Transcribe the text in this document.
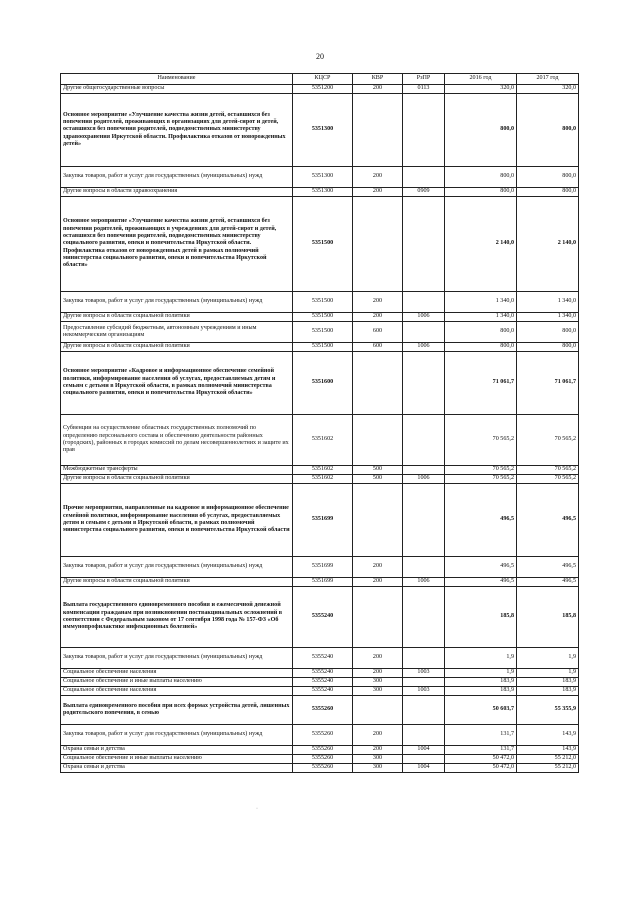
20
Наименование	КЦСР	КВР	РзПР	2016 год	2017 год
Другие общегосударственные вопросы	5351200	200	0113	320,0	320,0
Основное мероприятие «Улучшение качества жизни детей, оставшихся без попечения родителей, проживающих в организациях для детей-сирот и детей, оставшихся без попечения родителей, подведомственных министерству здравоохранения Иркутской области. Профилактика отказов от новорожденных детей»	5351300			800,0	800,0
Закупка товаров, работ и услуг для государственных (муниципальных) нужд	5351300	200		800,0	800,0
Другие вопросы в области здравоохранения	5351300	200	0909	800,0	800,0
Основное мероприятие «Улучшение качества жизни детей, оставшихся без попечения родителей, проживающих в учреждениях для детей-сирот и детей, оставшихся без попечения родителей, подведомственных министерству социального развития, опеки и попечительства Иркутской области. Профилактика отказов от новорожденных детей в рамках полномочий министерства социального развития, опеки и попечительства Иркутской области»	5351500			2 140,0	2 140,0
Закупка товаров, работ и услуг для государственных (муниципальных) нужд	5351500	200		1 340,0	1 340,0
Другие вопросы в области социальной политики	5351500	200	1006	1 340,0	1 340,0
Предоставление субсидий бюджетным, автономным учреждениям и иным некоммерческим организациям	5351500	600		800,0	800,0
Другие вопросы в области социальной политики	5351500	600	1006	800,0	800,0
Основное мероприятие «Кадровое и информационное обеспечение семейной политики, информирование населения об услугах, предоставляемых детям и семьям с детьми в Иркутской области, в рамках полномочий министерства социального развития, опеки и попечительства Иркутской области»	5351600			71 061,7	71 061,7
Субвенции на осуществление областных государственных полномочий по определению персонального состава и обеспечению деятельности районных (городских), районных в городах комиссий по делам несовершеннолетних и защите их прав	5351602			70 565,2	70 565,2
Межбюджетные трансферты	5351602	500		70 565,2	70 565,2
Другие вопросы в области социальной политики	5351602	500	1006	70 565,2	70 565,2
Прочие мероприятия, направленные на кадровое и информационное обеспечение семейной политики, информирование населения об услугах, предоставляемых детям и семьям с детьми в Иркутской области, в рамках полномочий министерства социального развития, опеки и попечительства Иркутской области	5351699			496,5	496,5
Закупка товаров, работ и услуг для государственных (муниципальных) нужд	5351699	200		496,5	496,5
Другие вопросы в области социальной политики	5351699	200	1006	496,5	496,5
Выплата государственного единовременного пособия и ежемесячной денежной компенсации гражданам при возникновении поствакцинальных осложнений в соответствии с Федеральным законом от 17 сентября 1998 года № 157-ФЗ «Об иммунопрофилактике инфекционных болезней»	5355240			185,8	185,8
Закупка товаров, работ и услуг для государственных (муниципальных) нужд	5355240	200		1,9	1,9
Социальное обеспечение населения	5355240	200	1003	1,9	1,9
Социальное обеспечение и иные выплаты населению	5355240	300		183,9	183,9
Социальное обеспечение населения	5355240	300	1003	183,9	183,9
Выплата единовременного пособия при всех формах устройства детей, лишенных родительского попечения, в семью	5355260			50 603,7	55 355,9
Закупка товаров, работ и услуг для государственных (муниципальных) нужд	5355260	200		131,7	143,9
Охрана семьи и детства	5355260	200	1004	131,7	143,9
Социальное обеспечение и иные выплаты населению	5355260	300		50 472,0	55 212,0
Охрана семьи и детства	5355260	300	1004	50 472,0	55 212,0
·
